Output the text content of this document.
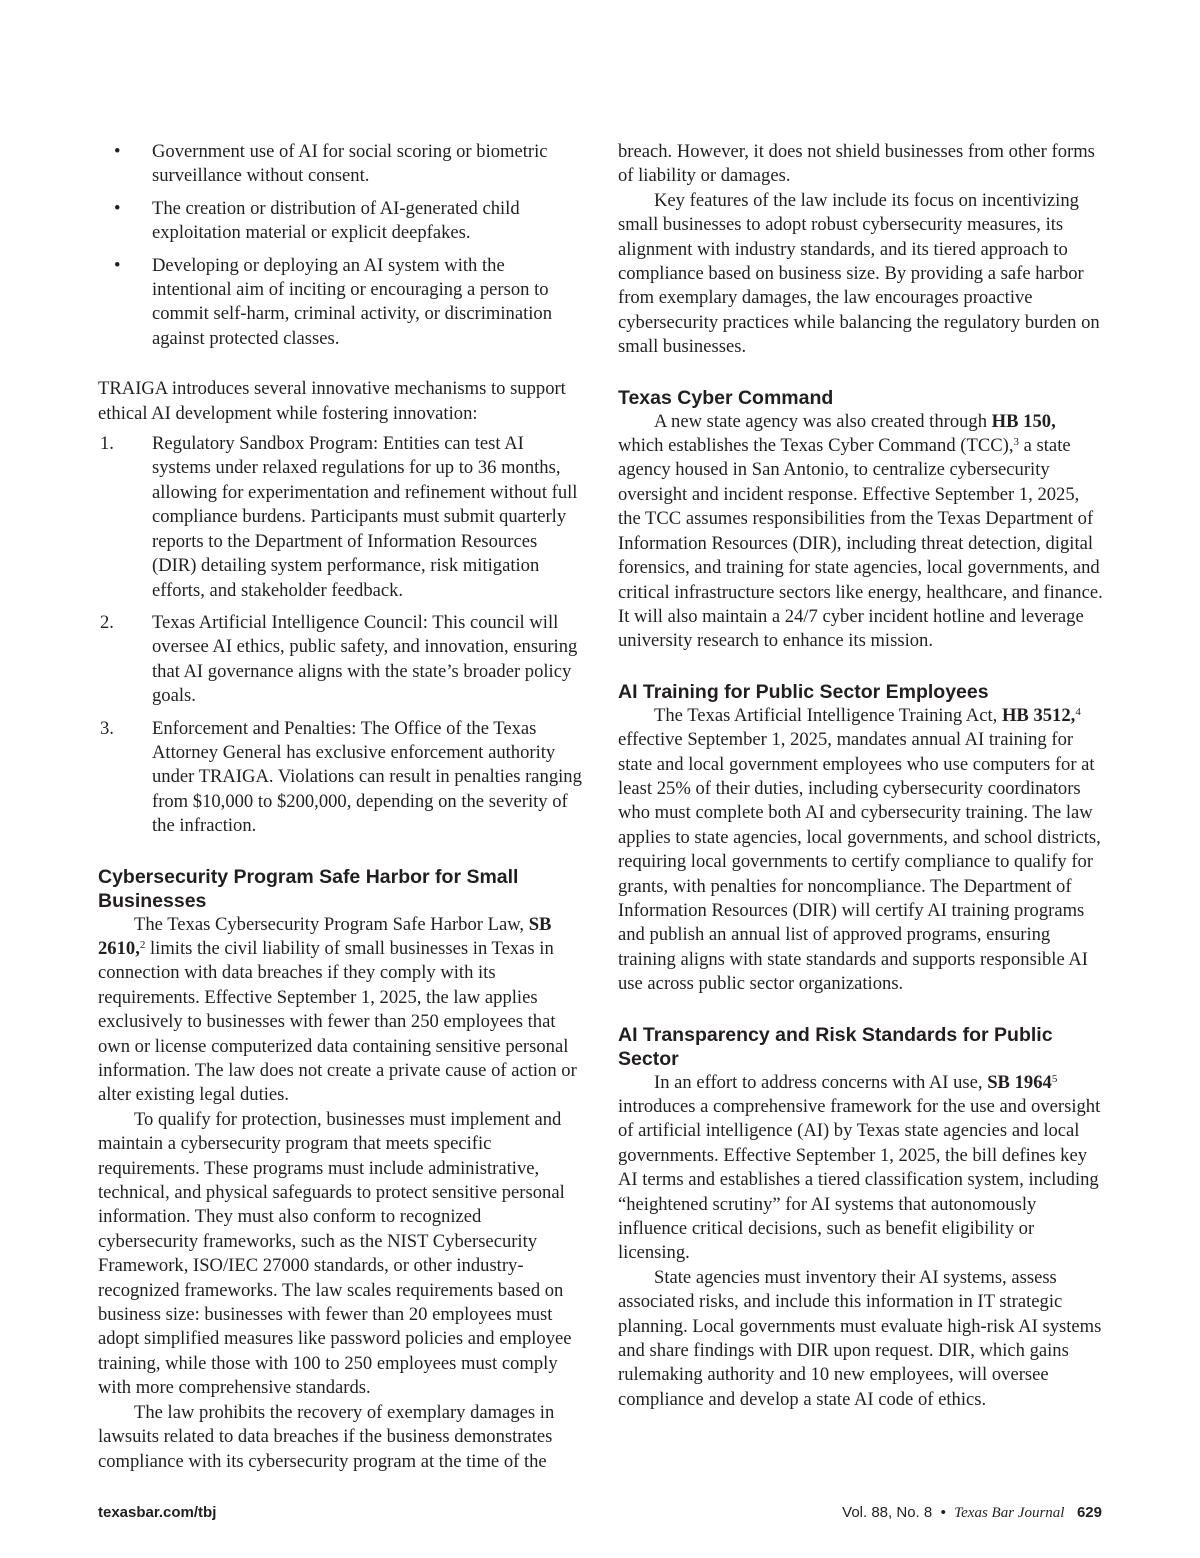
• Government use of AI for social scoring or biometric surveillance without consent.
• The creation or distribution of AI-generated child exploitation material or explicit deepfakes.
• Developing or deploying an AI system with the intentional aim of inciting or encouraging a person to commit self-harm, criminal activity, or discrimination against protected classes.

TRAIGA introduces several innovative mechanisms to support ethical AI development while fostering innovation:

1. Regulatory Sandbox Program: Entities can test AI systems under relaxed regulations for up to 36 months, allowing for experimentation and refinement without full compliance burdens. Participants must submit quarterly reports to the Department of Information Resources (DIR) detailing system performance, risk mitigation efforts, and stakeholder feedback.
2. Texas Artificial Intelligence Council: This council will oversee AI ethics, public safety, and innovation, ensuring that AI governance aligns with the state’s broader policy goals.
3. Enforcement and Penalties: The Office of the Texas Attorney General has exclusive enforcement authority under TRAIGA. Violations can result in penalties ranging from $10,000 to $200,000, depending on the severity of the infraction.
Cybersecurity Program Safe Harbor for Small Businesses

The Texas Cybersecurity Program Safe Harbor Law, SB 2610,$^2$ limits the civil liability of small businesses in Texas in connection with data breaches if they comply with its requirements. Effective September 1, 2025, the law applies exclusively to businesses with fewer than 250 employees that own or license computerized data containing sensitive personal information. The law does not create a private cause of action or alter existing legal duties.

To qualify for protection, businesses must implement and maintain a cybersecurity program that meets specific requirements. These programs must include administrative, technical, and physical safeguards to protect sensitive personal information. They must also conform to recognized cybersecurity frameworks, such as the NIST Cybersecurity Framework, ISO/IEC 27000 standards, or other industry-recognized frameworks. The law scales requirements based on business size: businesses with fewer than 20 employees must adopt simplified measures like password policies and employee training, while those with 100 to 250 employees must comply with more comprehensive standards.

The law prohibits the recovery of exemplary damages in lawsuits related to data breaches if the business demonstrates compliance with its cybersecurity program at the time of the

breach. However, it does not shield businesses from other forms of liability or damages.

Key features of the law include its focus on incentivizing small businesses to adopt robust cybersecurity measures, its alignment with industry standards, and its tiered approach to compliance based on business size. By providing a safe harbor from exemplary damages, the law encourages proactive cybersecurity practices while balancing the regulatory burden on small businesses.

Texas Cyber Command

A new state agency was also created through HB 150, which establishes the Texas Cyber Command (TCC),$^3$ a state agency housed in San Antonio, to centralize cybersecurity oversight and incident response. Effective September 1, 2025, the TCC assumes responsibilities from the Texas Department of Information Resources (DIR), including threat detection, digital forensics, and training for state agencies, local governments, and critical infrastructure sectors like energy, healthcare, and finance. It will also maintain a 24/7 cyber incident hotline and leverage university research to enhance its mission.

AI Training for Public Sector Employees

The Texas Artificial Intelligence Training Act, HB 3512,$^4$ effective September 1, 2025, mandates annual AI training for state and local government employees who use computers for at least 25% of their duties, including cybersecurity coordinators who must complete both AI and cybersecurity training. The law applies to state agencies, local governments, and school districts, requiring local governments to certify compliance to qualify for grants, with penalties for noncompliance. The Department of Information Resources (DIR) will certify AI training programs and publish an annual list of approved programs, ensuring training aligns with state standards and supports responsible AI use across public sector organizations.

AI Transparency and Risk Standards for Public Sector

In an effort to address concerns with AI use, SB 1964$^5$ introduces a comprehensive framework for the use and oversight of artificial intelligence (AI) by Texas state agencies and local governments. Effective September 1, 2025, the bill defines key AI terms and establishes a tiered classification system, including “heightened scrutiny” for AI systems that autonomously influence critical decisions, such as benefit eligibility or licensing.

State agencies must inventory their AI systems, assess associated risks, and include this information in IT strategic planning. Local governments must evaluate high-risk AI systems and share findings with DIR upon request. DIR, which gains rulemaking authority and 10 new employees, will oversee compliance and develop a state AI code of ethics.

texasbar.com/tbj	Vol. 88, No. 8 • Texas Bar Journal 629
